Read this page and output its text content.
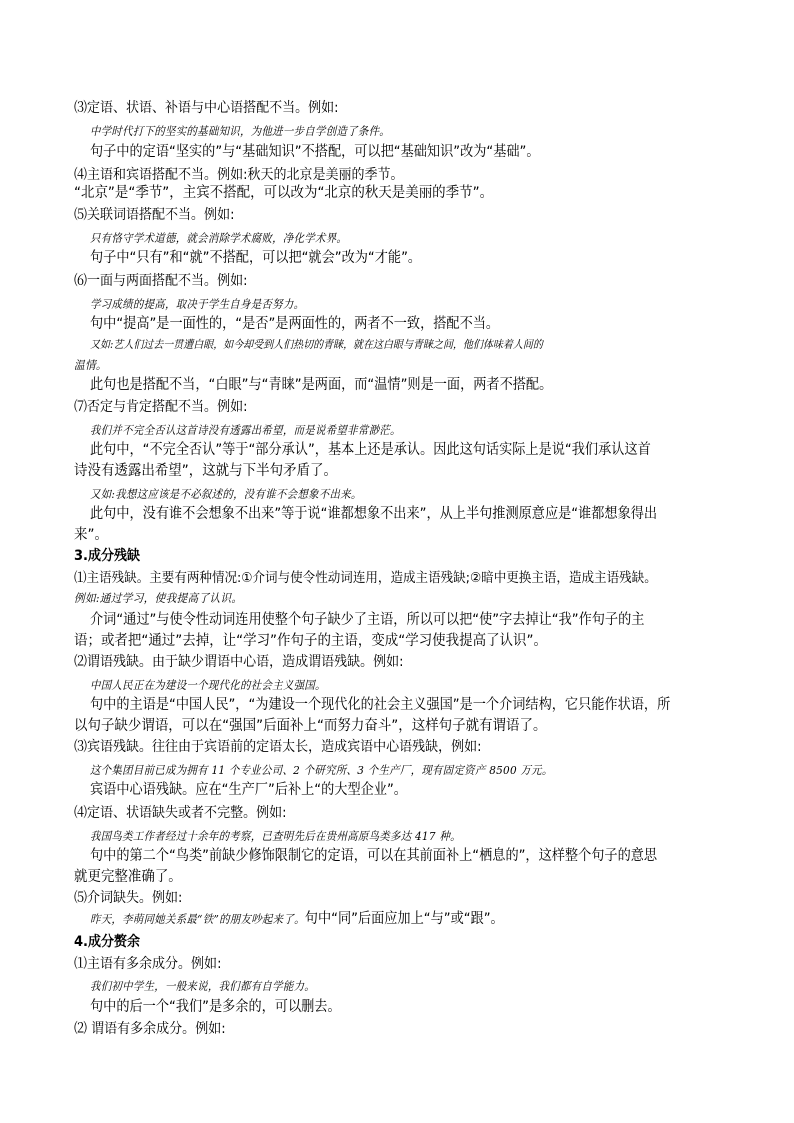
⑶定语、状语、补语与中心语搭配不当。例如:
中学时代打下的坚实的基础知识，为他进一步自学创造了条件。
句子中的定语“坚实的”与“基础知识”不搭配，可以把“基础知识”改为“基础”。
⑷主语和宾语搭配不当。例如:秋天的北京是美丽的季节。
“北京”是“季节”，主宾不搭配，可以改为“北京的秋天是美丽的季节”。
⑸关联词语搭配不当。例如:
只有恪守学术道德，就会消除学术腐败，净化学术界。
句子中“只有”和“就”不搭配，可以把“就会”改为“才能”。
⑹一面与两面搭配不当。例如:
学习成绩的提高，取决于学生自身是否努力。
句中“提高”是一面性的，“是否”是两面性的，两者不一致，搭配不当。
又如:艺人们过去一贯遭白眼，如今却受到人们热切的青睐，就在这白眼与青睐之间，他们体味着人间的
温情。
此句也是搭配不当，“白眼”与“青睐”是两面，而“温情”则是一面，两者不搭配。
⑺否定与肯定搭配不当。例如:
我们并不完全否认这首诗没有透露出希望，而是说希望非常渺茫。
此句中，“不完全否认”等于“部分承认”，基本上还是承认。因此这句话实际上是说“我们承认这首
诗没有透露出希望”，这就与下半句矛盾了。
又如:我想这应该是不必叙述的，没有谁不会想象不出来。
此句中，没有谁不会想象不出来”等于说“谁都想象不出来”，从上半句推测原意应是“谁都想象得出
来”。
3.成分残缺
⑴主语残缺。主要有两种情况:①介词与使令性动词连用，造成主语残缺;②暗中更换主语，造成主语残缺。
例如:通过学习，使我提高了认识。
介词“通过”与使令性动词连用使整个句子缺少了主语，所以可以把“使”字去掉让“我”作句子的主
语；或者把“通过”去掉，让“学习”作句子的主语，变成“学习使我提高了认识”。
⑵谓语残缺。由于缺少谓语中心语，造成谓语残缺。例如:
中国人民正在为建设一个现代化的社会主义强国。
句中的主语是“中国人民”，“为建设一个现代化的社会主义强国”是一个介词结构，它只能作状语，所
以句子缺少谓语，可以在“强国”后面补上“而努力奋斗”，这样句子就有谓语了。
⑶宾语残缺。往往由于宾语前的定语太长，造成宾语中心语残缺，例如:
这个集团目前已成为拥有 11 个专业公司、2 个研究所、3 个生产厂，现有固定资产 8500 万元。
宾语中心语残缺。应在“生产厂”后补上“的大型企业”。
⑷定语、状语缺失或者不完整。例如:
我国鸟类工作者经过十余年的考察，已查明先后在贵州高原鸟类多达 417 种。
句中的第二个“鸟类”前缺少修饰限制它的定语，可以在其前面补上“栖息的”，这样整个句子的意思
就更完整准确了。
⑸介词缺失。例如:
昨天，李萌同她关系最“铁”的朋友吵起来了。句中“同”后面应加上“与”或“跟”。
4.成分赘余
⑴主语有多余成分。例如:
我们初中学生，一般来说，我们都有自学能力。
句中的后一个“我们”是多余的，可以删去。
⑵ 谓语有多余成分。例如:
